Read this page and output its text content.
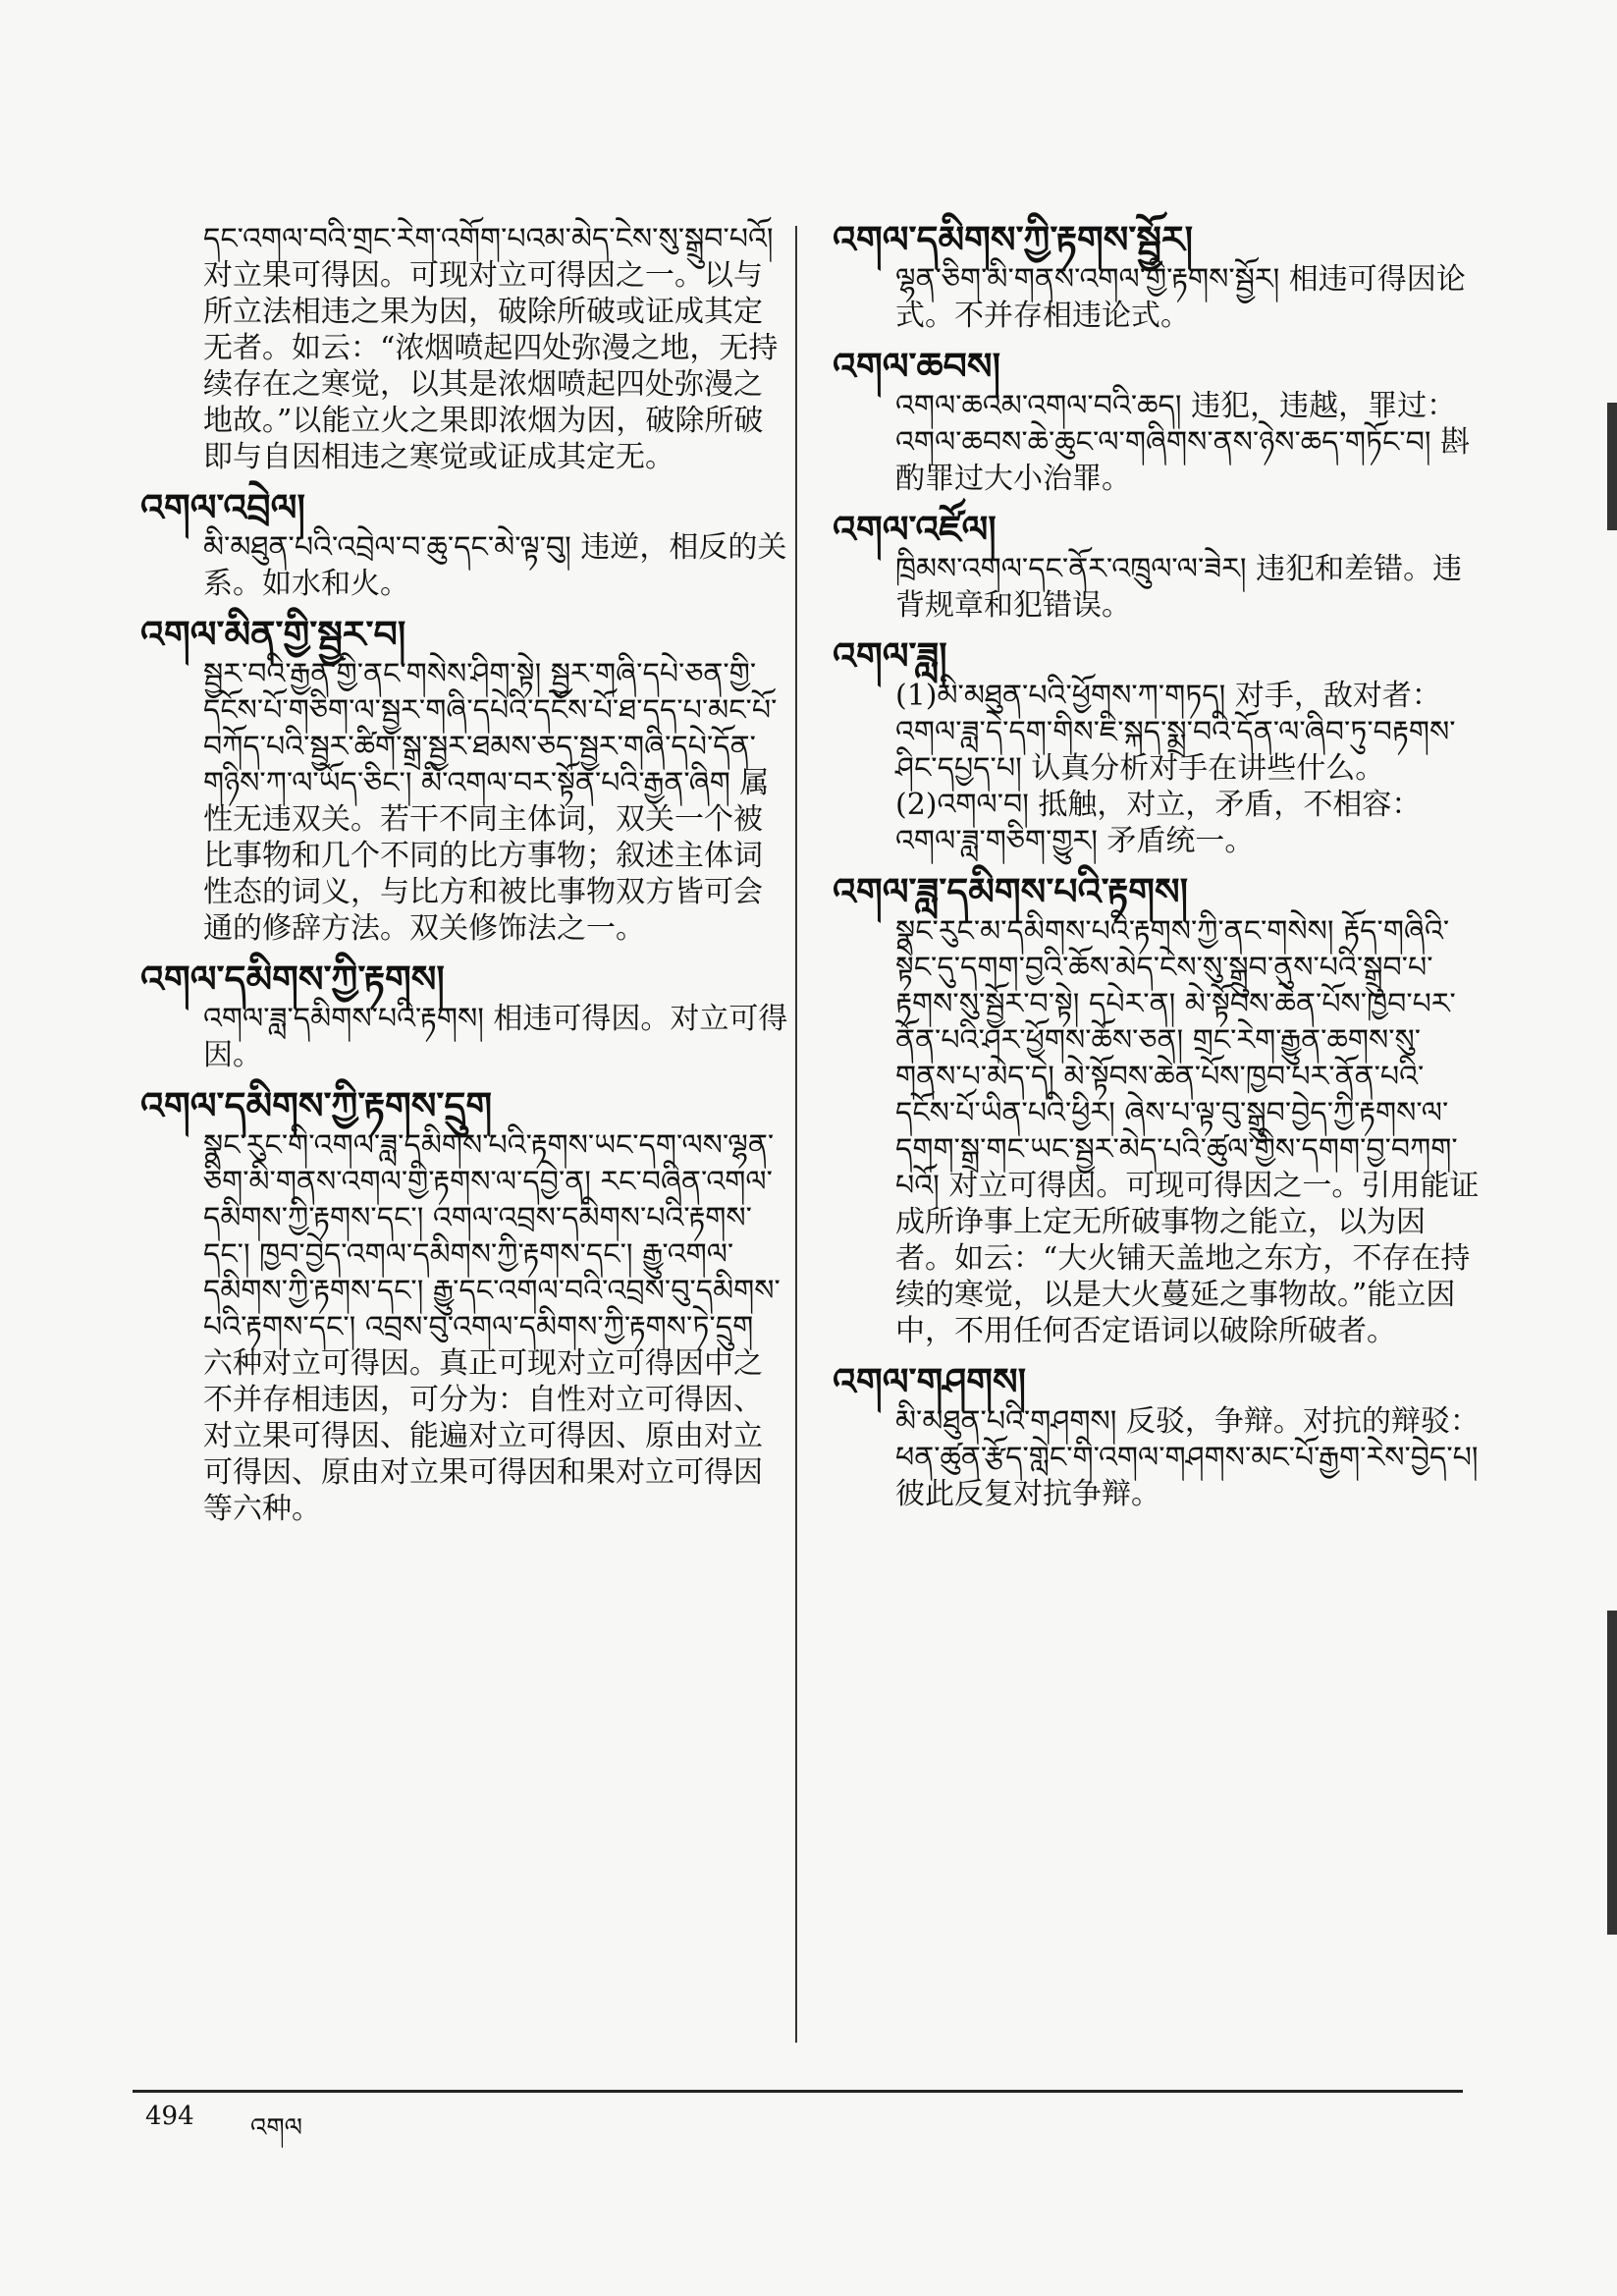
དང་འགལ་བའི་གྲང་རེག་འགོག་པའམ་མེད་ངེས་སུ་སྒྲུབ་པའོ། 对立果可得因。可现对立可得因之一。以与所立法相违之果为因，破除所破或证成其定无者。如云：“浓烟喷起四处弥漫之地，无持续存在之寒觉，以其是浓烟喷起四处弥漫之地故。”以能立火之果即浓烟为因，破除所破即与自因相违之寒觉或证成其定无。
འགལ་འབྲེལ།
མི་མཐུན་པའི་འབྲེལ་བ་ཆུ་དང་མེ་ལྟ་བུ། 违逆，相反的关系。如水和火。
འགལ་མིན་གྱི་སྦྱར་བ།
སྦྱར་བའི་རྒྱན་གྱི་ནང་གསེས་ཤིག་སྟེ། སྦྱར་གཞི་དཔེ་ཅན་གྱི་དངོས་པོ་གཅིག་ལ་སྦྱར་གཞི་དཔེའི་དངོས་པོ་ཐ་དད་པ་མང་པོ་བཀོད་པའི་སྦྱར་ཚིག་སྒྲ་སྦྱར་ཐམས་ཅད་སྦྱར་གཞི་དཔེ་དོན་གཉིས་ཀ་ལ་ཡོད་ཅིང་། མི་འགལ་བར་སྟོན་པའི་རྒྱན་ཞིག 属性无违双关。若干不同主体词，双关一个被比事物和几个不同的比方事物；叙述主体词性态的词义，与比方和被比事物双方皆可会通的修辞方法。双关修饰法之一。
འགལ་དམིགས་ཀྱི་རྟགས།
འགལ་ཟླ་དམིགས་པའི་རྟགས། 相违可得因。对立可得因。
འགལ་དམིགས་ཀྱི་རྟགས་དྲུག
སྣང་རུང་གི་འགལ་ཟླ་དམིགས་པའི་རྟགས་ཡང་དག་ལས་ལྷན་ཅིག་མི་གནས་འགལ་གྱི་རྟགས་ལ་དབྱེ་ན། རང་བཞིན་འགལ་དམིགས་ཀྱི་རྟགས་དང་། འགལ་འབྲས་དམིགས་པའི་རྟགས་དང་། ཁྱབ་བྱེད་འགལ་དམིགས་ཀྱི་རྟགས་དང་། རྒྱུ་འགལ་དམིགས་ཀྱི་རྟགས་དང་། རྒྱུ་དང་འགལ་བའི་འབྲས་བུ་དམིགས་པའི་རྟགས་དང་། འབྲས་བུ་འགལ་དམིགས་ཀྱི་རྟགས་ཏེ་དྲུག 六种对立可得因。真正可现对立可得因中之不并存相违因，可分为：自性对立可得因、对立果可得因、能遍对立可得因、原由对立可得因、原由对立果可得因和果对立可得因等六种。
འགལ་དམིགས་ཀྱི་རྟགས་སྦྱོར།
ལྷན་ཅིག་མི་གནས་འགལ་གྱི་རྟགས་སྦྱོར། 相违可得因论式。不并存相违论式。
འགལ་ཆབས།
འགལ་ཆའམ་འགལ་བའི་ཆད། 违犯，违越，罪过：འགལ་ཆབས་ཆེ་ཆུང་ལ་གཞིགས་ནས་ཉེས་ཆད་གཏོང་བ། 斟酌罪过大小治罪。
འགལ་འཛོལ།
ཁྲིམས་འགལ་དང་ནོར་འཁྲུལ་ལ་ཟེར། 违犯和差错。违背规章和犯错误。
འགལ་ཟླ།
(1)མི་མཐུན་པའི་ཕྱོགས་ཀ་གཏད། 对手，敌对者：འགལ་ཟླ་དེ་དག་གིས་ཇི་སྐད་སྨྲ་བའི་དོན་ལ་ཞིབ་ཏུ་བརྟགས་ཤིང་དཔྱད་པ། 认真分析对手在讲些什么。(2)འགལ་བ། 抵触，对立，矛盾，不相容：འགལ་ཟླ་གཅིག་གྱུར། 矛盾统一。
འགལ་ཟླ་དམིགས་པའི་རྟགས།
སྣང་རུང་མ་དམིགས་པའི་རྟགས་ཀྱི་ནང་གསེས། རྟོད་གཞིའི་སྟེང་དུ་དགག་བྱའི་ཆོས་མེད་ངེས་སུ་སྒྲུབ་ནུས་པའི་སྒྲུབ་པ་རྟགས་སུ་སྦྱོར་བ་སྟེ། དཔེར་ན། མེ་སྟོབས་ཆེན་པོས་ཁྱབ་པར་ནོན་པའི་ཤར་ཕྱོགས་ཆོས་ཅན། གྲང་རེག་རྒྱུན་ཆགས་སུ་གནས་པ་མེད་དེ། མེ་སྟོབས་ཆེན་པོས་ཁྱབ་པར་ནོན་པའི་དངོས་པོ་ཡིན་པའི་ཕྱིར། ཞེས་པ་ལྟ་བུ་སྒྲུབ་བྱེད་ཀྱི་རྟགས་ལ་དགག་སྒྲ་གང་ཡང་སྦྱར་མེད་པའི་ཚུལ་གྱིས་དགག་བྱ་བཀག་པའོ། 对立可得因。可现可得因之一。引用能证成所诤事上定无所破事物之能立，以为因者。如云：“大火铺天盖地之东方，不存在持续的寒觉，以是大火蔓延之事物故。”能立因中，不用任何否定语词以破除所破者。
འགལ་གཤགས།
མི་མཐུན་པའི་གཤགས། 反驳，争辩。对抗的辩驳：ཕན་ཚུན་རྩོད་གླེང་གི་འགལ་གཤགས་མང་པོ་རྒྱག་རེས་བྱེད་པ། 彼此反复对抗争辩。
494 འགལ
